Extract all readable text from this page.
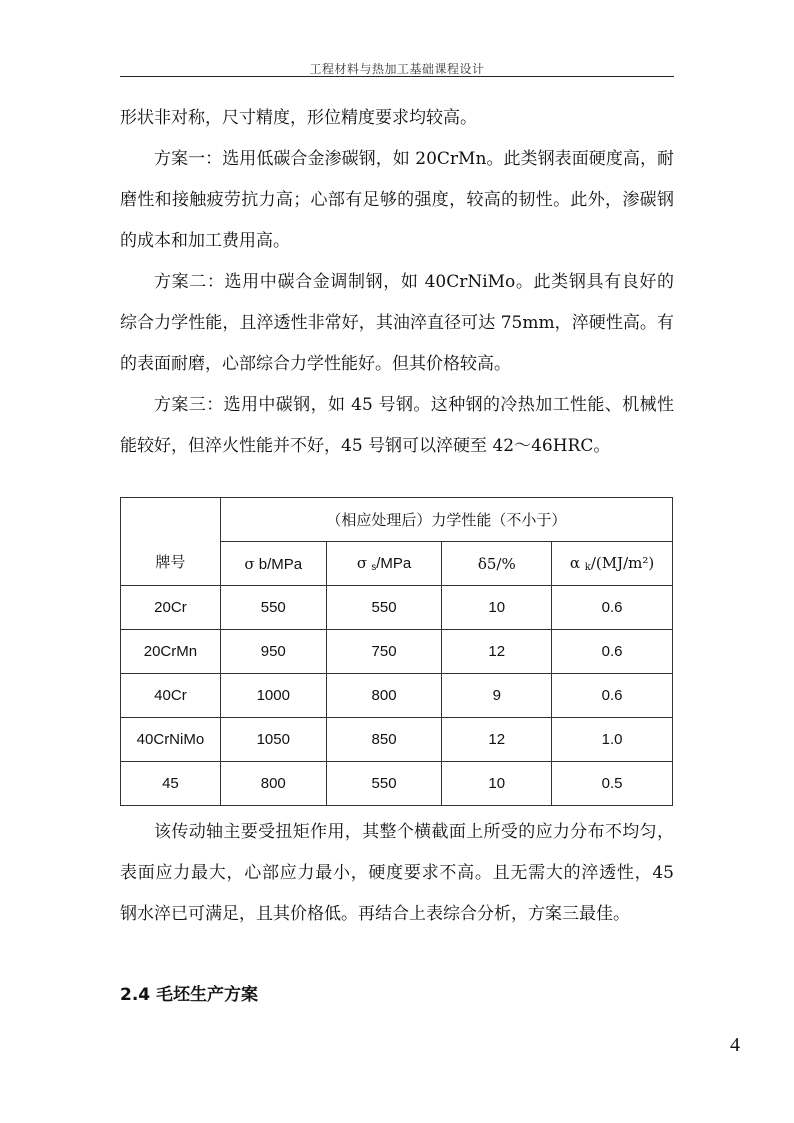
工程材料与热加工基础课程设计

形状非对称，尺寸精度，形位精度要求均较高。

方案一：选用低碳合金渗碳钢，如 20CrMn。此类钢表面硬度高，耐磨性和接触疲劳抗力高；心部有足够的强度，较高的韧性。此外，渗碳钢的成本和加工费用高。

方案二：选用中碳合金调制钢，如 40CrNiMo。此类钢具有良好的综合力学性能，且淬透性非常好，其油淬直径可达 75mm，淬硬性高。有的表面耐磨，心部综合力学性能好。但其价格较高。

方案三：选用中碳钢，如 45 号钢。这种钢的冷热加工性能、机械性能较好，但淬火性能并不好，45 号钢可以淬硬至 42～46HRC。

牌号	（相应处理后）力学性能（不小于）			
	σ b/MPa	σ $_s$/MPa	δ5/%	α $_k$/(MJ/m²)
20Cr	550	550	10	0.6
20CrMn	950	750	12	0.6
40Cr	1000	800	9	0.6
40CrNiMo	1050	850	12	1.0
45	800	550	10	0.5

该传动轴主要受扭矩作用，其整个横截面上所受的应力分布不均匀，表面应力最大，心部应力最小，硬度要求不高。且无需大的淬透性，45 钢水淬已可满足，且其价格低。再结合上表综合分析，方案三最佳。

2.4 毛坯生产方案
4
